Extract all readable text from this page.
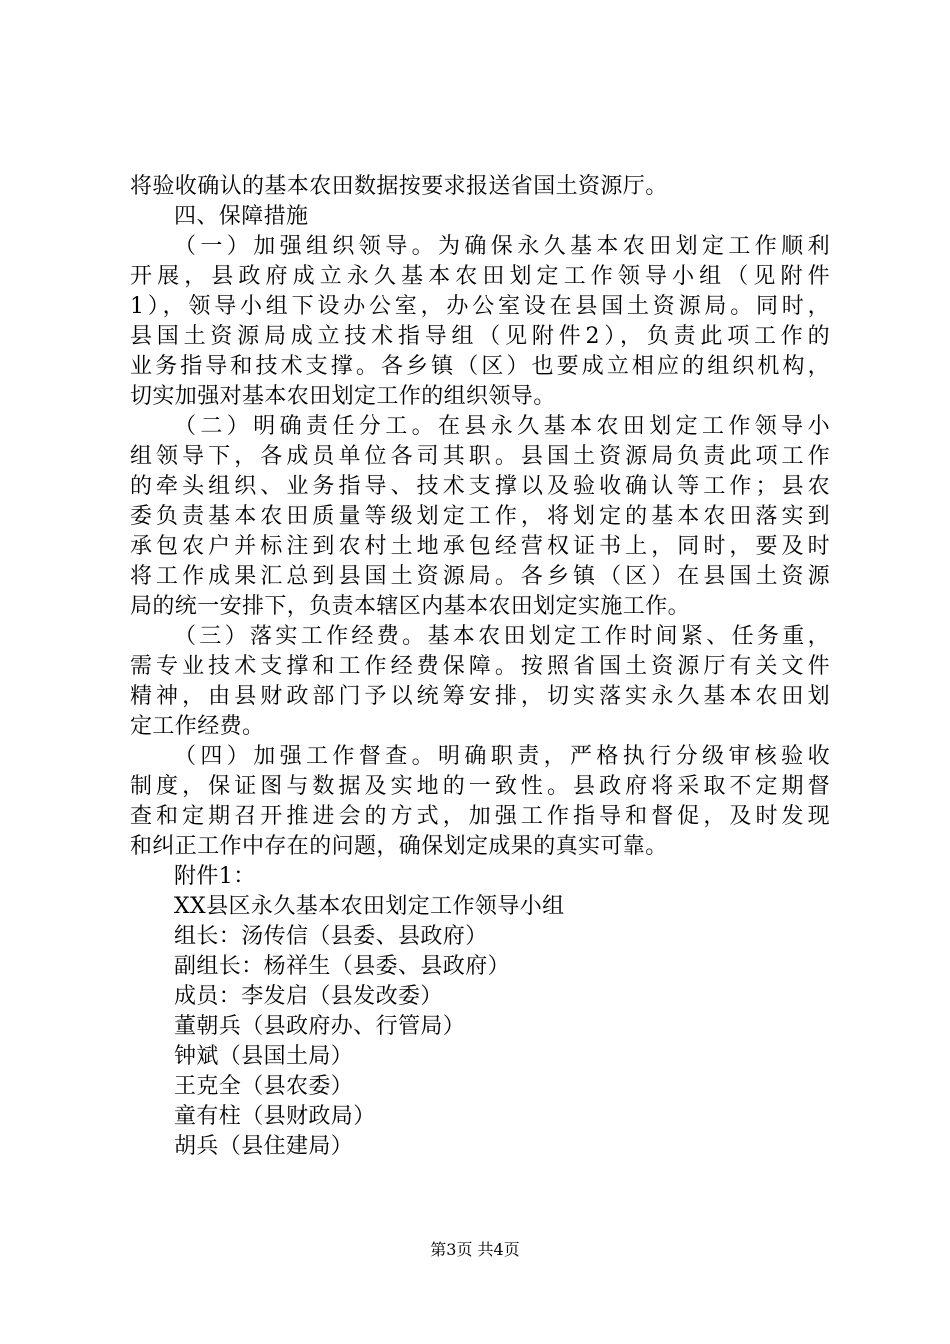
将验收确认的基本农田数据按要求报送省国土资源厅。
四、保障措施
（一）加强组织领导。为确保永久基本农田划定工作顺利
开展，县政府成立永久基本农田划定工作领导小组（见附件
1），领导小组下设办公室，办公室设在县国土资源局。同时，
县国土资源局成立技术指导组（见附件2），负责此项工作的
业务指导和技术支撑。各乡镇（区）也要成立相应的组织机构，
切实加强对基本农田划定工作的组织领导。
（二）明确责任分工。在县永久基本农田划定工作领导小
组领导下，各成员单位各司其职。县国土资源局负责此项工作
的牵头组织、业务指导、技术支撑以及验收确认等工作；县农
委负责基本农田质量等级划定工作，将划定的基本农田落实到
承包农户并标注到农村土地承包经营权证书上，同时，要及时
将工作成果汇总到县国土资源局。各乡镇（区）在县国土资源
局的统一安排下，负责本辖区内基本农田划定实施工作。
（三）落实工作经费。基本农田划定工作时间紧、任务重，
需专业技术支撑和工作经费保障。按照省国土资源厅有关文件
精神，由县财政部门予以统筹安排，切实落实永久基本农田划
定工作经费。
（四）加强工作督查。明确职责，严格执行分级审核验收
制度，保证图与数据及实地的一致性。县政府将采取不定期督
查和定期召开推进会的方式，加强工作指导和督促，及时发现
和纠正工作中存在的问题，确保划定成果的真实可靠。
附件1：
XX县区永久基本农田划定工作领导小组
组长：汤传信（县委、县政府）
副组长：杨祥生（县委、县政府）
成员：李发启（县发改委）
董朝兵（县政府办、行管局）
钟斌（县国土局）
王克全（县农委）
童有柱（县财政局）
胡兵（县住建局）
第3页 共4页
